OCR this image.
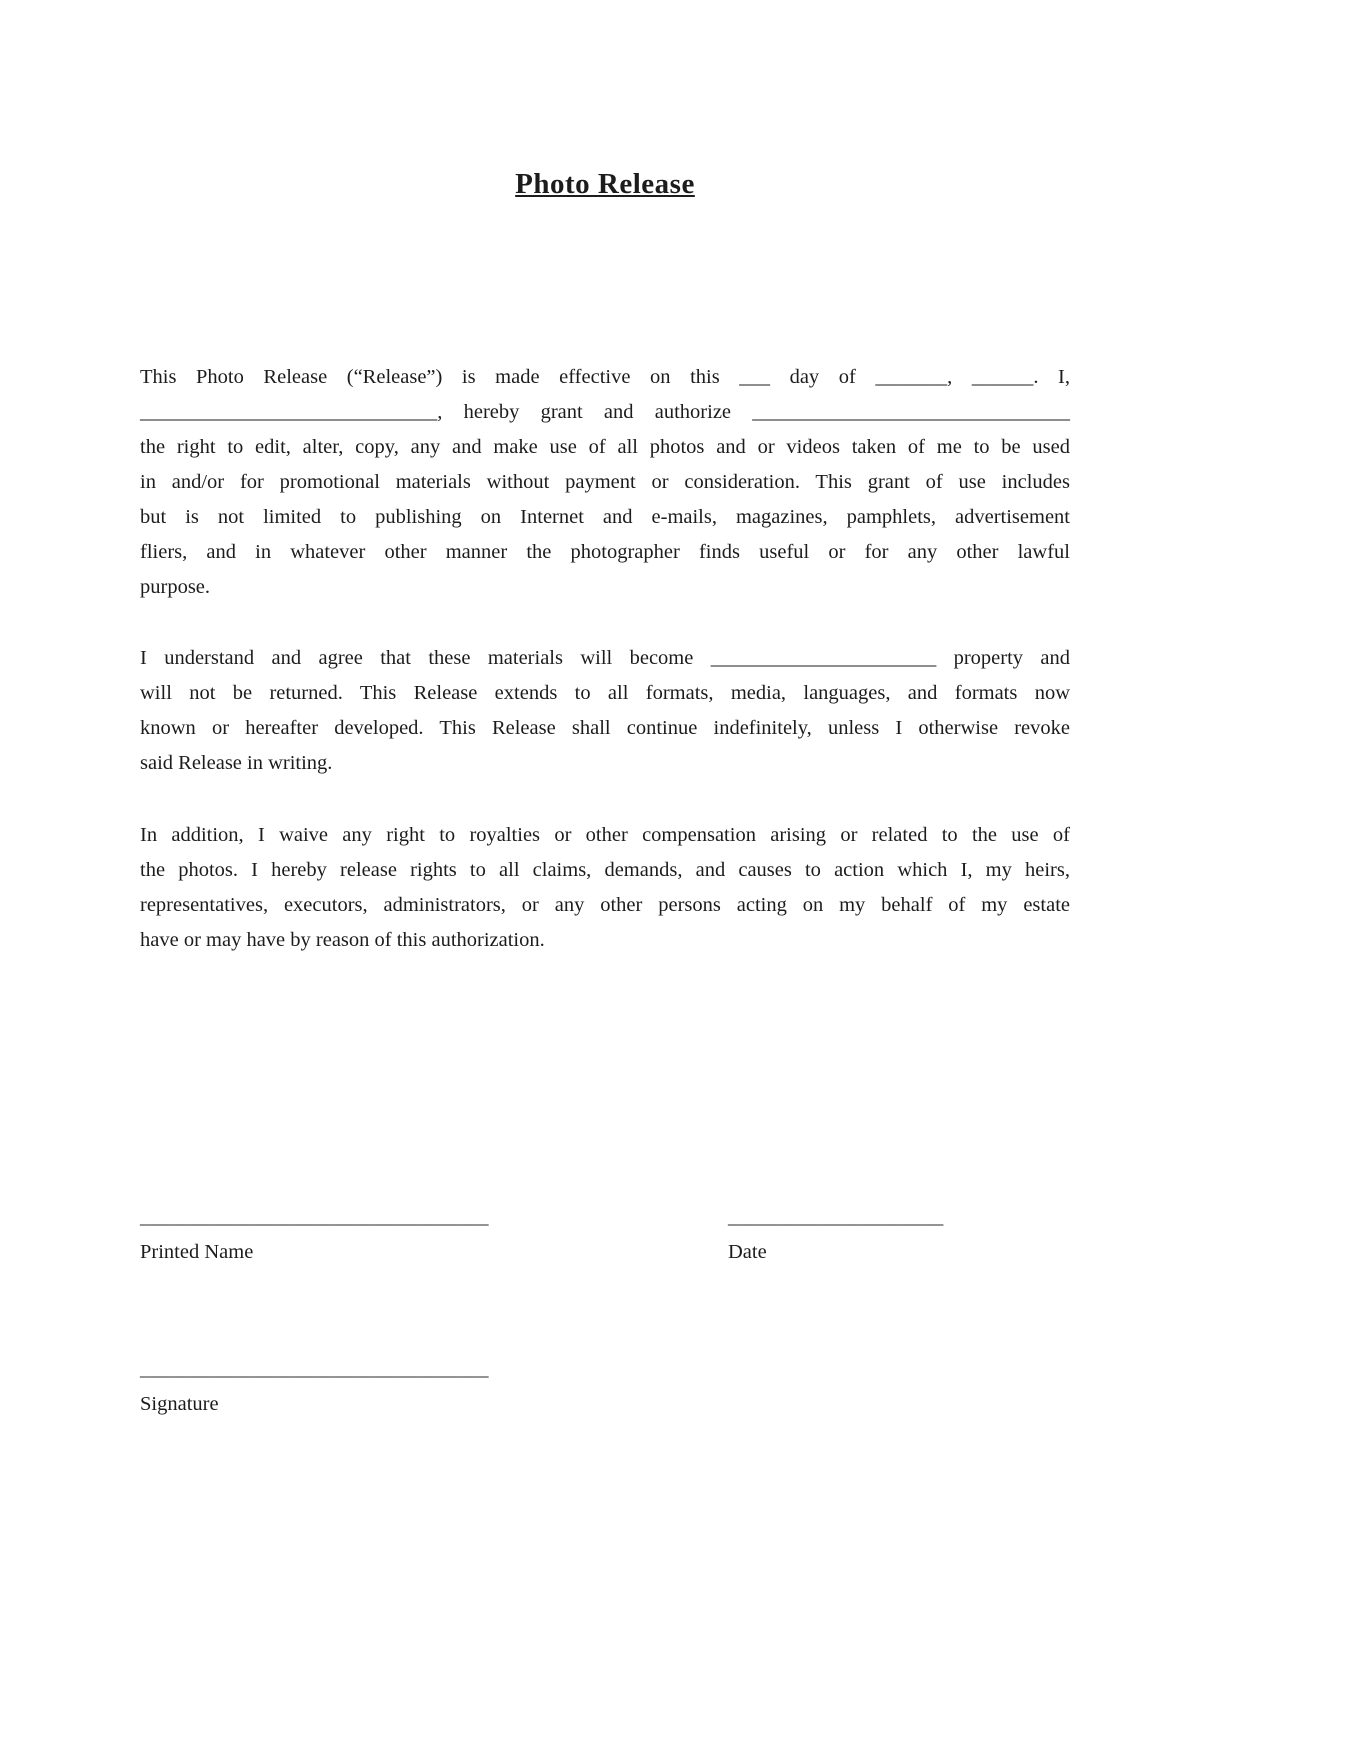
Photo Release
This Photo Release (“Release”) is made effective on this ___ day of _______, ______. I,
_____________________________, hereby grant and authorize _______________________________
the right to edit, alter, copy, any and make use of all photos and or videos taken of me to be used
in and/or for promotional materials without payment or consideration. This grant of use includes
but is not limited to publishing on Internet and e-mails, magazines, pamphlets, advertisement
fliers, and in whatever other manner the photographer finds useful or for any other lawful
purpose.
I understand and agree that these materials will become ______________________ property and
will not be returned. This Release extends to all formats, media, languages, and formats now
known or hereafter developed. This Release shall continue indefinitely, unless I otherwise revoke
said Release in writing.
In addition, I waive any right to royalties or other compensation arising or related to the use of
the photos. I hereby release rights to all claims, demands, and causes to action which I, my heirs,
representatives, executors, administrators, or any other persons acting on my behalf of my estate
have or may have by reason of this authorization.
__________________________________
Printed Name
_____________________
Date
__________________________________
Signature
